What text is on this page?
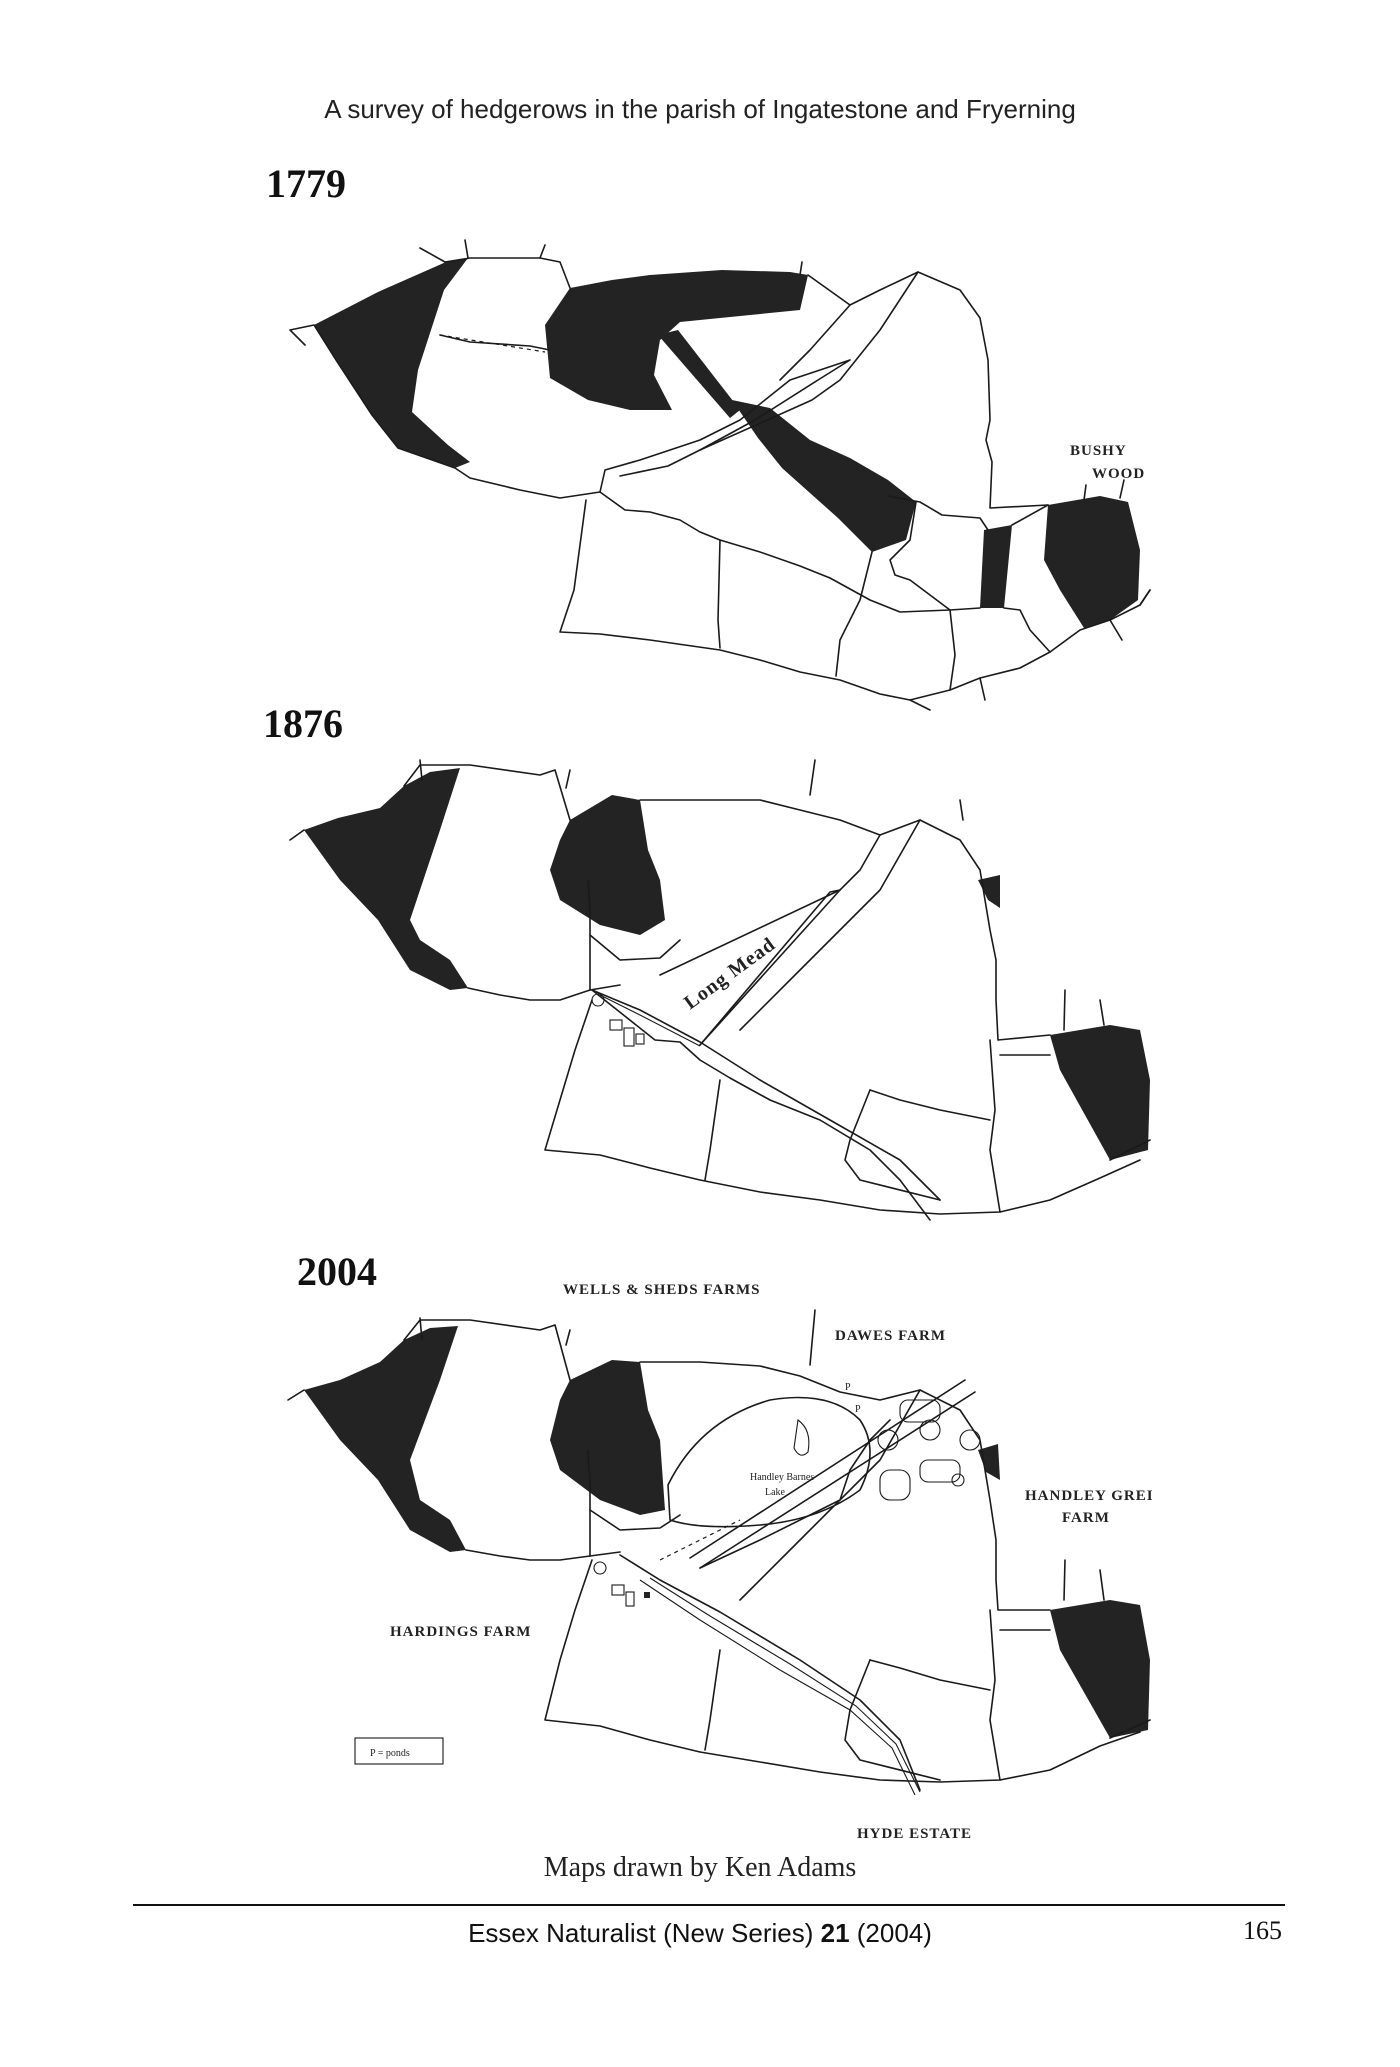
A survey of hedgerows in the parish of Ingatestone and Fryerning
1779
BUSHY
WOOD
1876
Long Mead
2004	WELLS & SHEDS FARMS
DAWES FARM
HANDLEY GREI
FARM
HARDINGS FARM
HYDE ESTATE
Handley Barnes
Lake
P
P
P = ponds
Maps drawn by Ken Adams
Essex Naturalist (New Series) 21 (2004)	165
